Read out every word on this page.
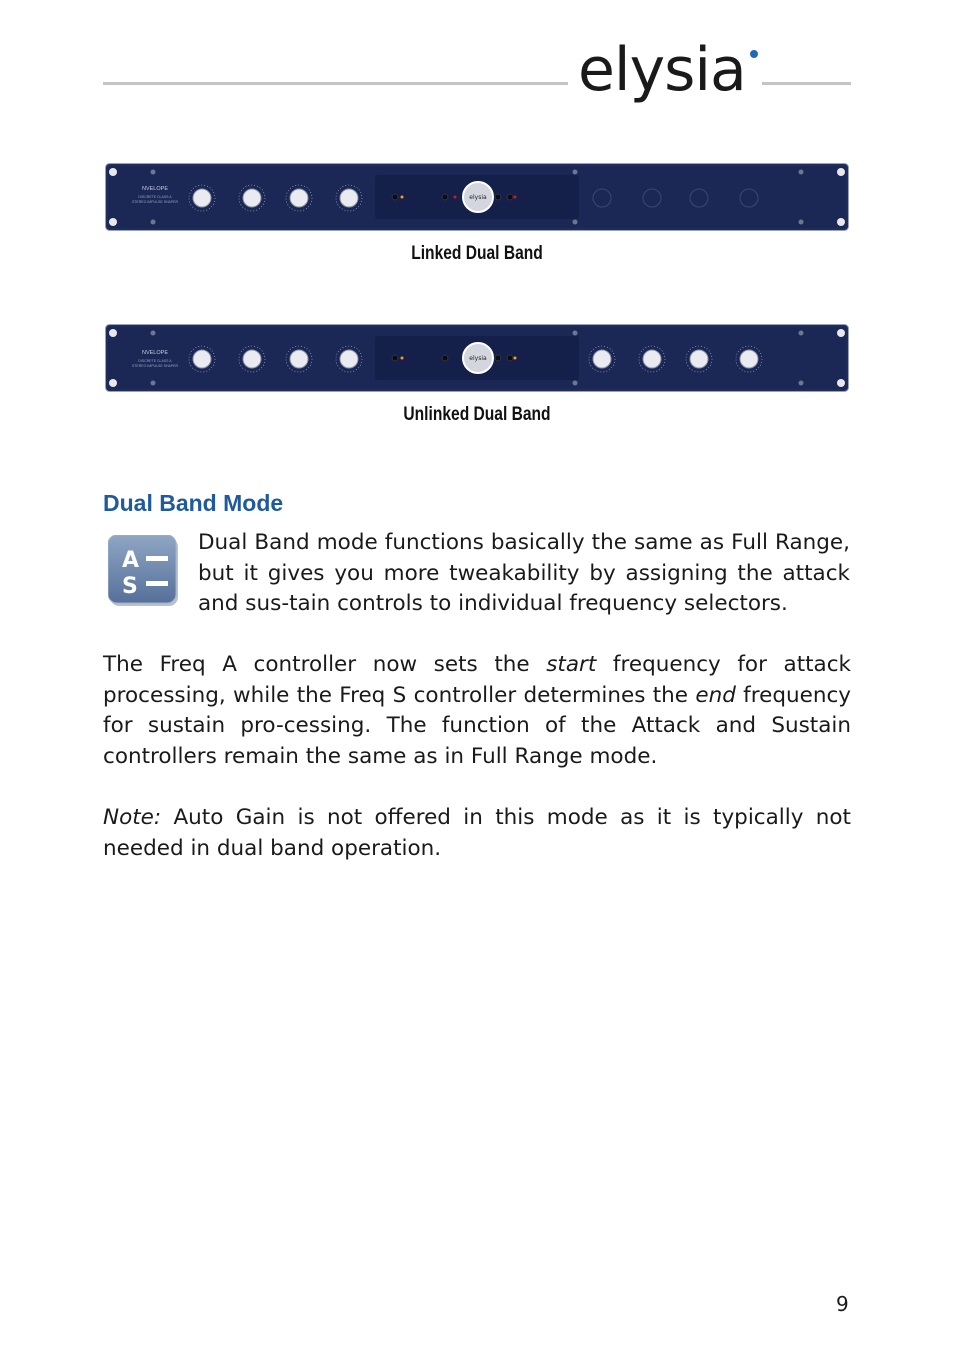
elysia
NVELOPE
DISCRETE CLASS A
STEREO IMPULSE SHAPER
elysia
Linked Dual Band
NVELOPE
DISCRETE CLASS A
STEREO IMPULSE SHAPER
elysia
Unlinked Dual Band
Dual Band Mode
A
S
Dual Band mode functions basically the same as Full Range, but it gives you more tweakability by assigning the attack and sus-tain controls to individual frequency selectors.
The Freq A controller now sets the start frequency for attack processing, while the Freq S controller determines the end frequency for sustain pro-cessing. The function of the Attack and Sustain controllers remain the same as in Full Range mode.
Note: Auto Gain is not offered in this mode as it is typically not needed in dual band operation.
9
